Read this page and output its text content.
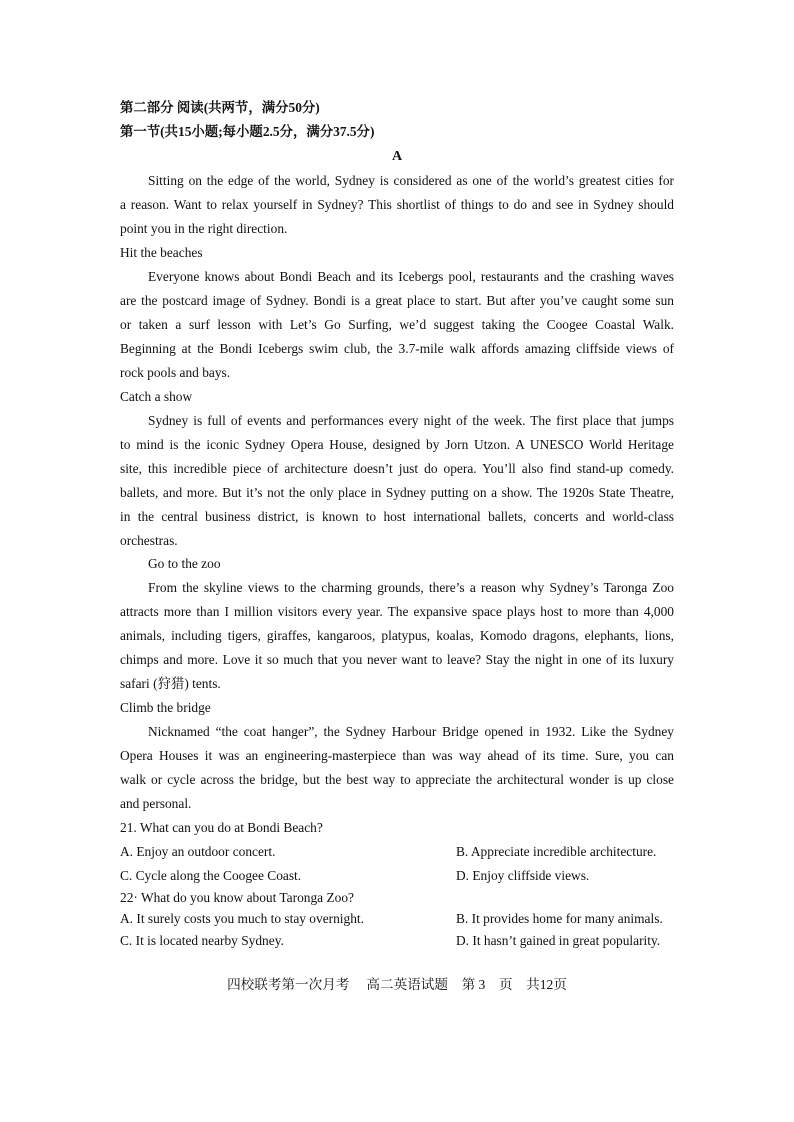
第二部分 阅读(共两节，满分50分)
第一节(共15小题;每小题2.5分，满分37.5分)
A
Sitting on the edge of the world, Sydney is considered as one of the world’s greatest cities for
a reason. Want to relax yourself in Sydney? This shortlist of things to do and see in Sydney should
point you in the right direction.
Hit the beaches
Everyone knows about Bondi Beach and its Icebergs pool, restaurants and the crashing waves
are the postcard image of Sydney. Bondi is a great place to start. But after you’ve caught some sun
or taken a surf lesson with Let’s Go Surfing, we’d suggest taking the Coogee Coastal Walk.
Beginning at the Bondi Icebergs swim club, the 3.7-mile walk affords amazing cliffside views of
rock pools and bays.
Catch a show
Sydney is full of events and performances every night of the week. The first place that jumps
to mind is the iconic Sydney Opera House, designed by Jorn Utzon. A UNESCO World Heritage
site, this incredible piece of architecture doesn’t just do opera. You’ll also find stand-up comedy.
ballets, and more. But it’s not the only place in Sydney putting on a show. The 1920s State Theatre,
in the central business district, is known to host international ballets, concerts and world-class
orchestras.
Go to the zoo
From the skyline views to the charming grounds, there’s a reason why Sydney’s Taronga Zoo
attracts more than I million visitors every year. The expansive space plays host to more than 4,000
animals, including tigers, giraffes, kangaroos, platypus, koalas, Komodo dragons, elephants, lions,
chimps and more. Love it so much that you never want to leave? Stay the night in one of its luxury
safari (狩猎) tents.
Climb the bridge
Nicknamed “the coat hanger”, the Sydney Harbour Bridge opened in 1932. Like the Sydney
Opera Houses it was an engineering-masterpiece than was way ahead of its time. Sure, you can
walk or cycle across the bridge, but the best way to appreciate the architectural wonder is up close
and personal.
21. What can you do at Bondi Beach?
A. Enjoy an outdoor concert.	B. Appreciate incredible architecture.
C. Cycle along the Coogee Coast.	D. Enjoy cliffside views.
22· What do you know about Taronga Zoo?
A. It surely costs you much to stay overnight.	B. It provides home for many animals.
C. It is located nearby Sydney.	D. It hasn’t gained in great popularity.
四校联考第一次月考　 高二英语试题　第 3　页　共12页
